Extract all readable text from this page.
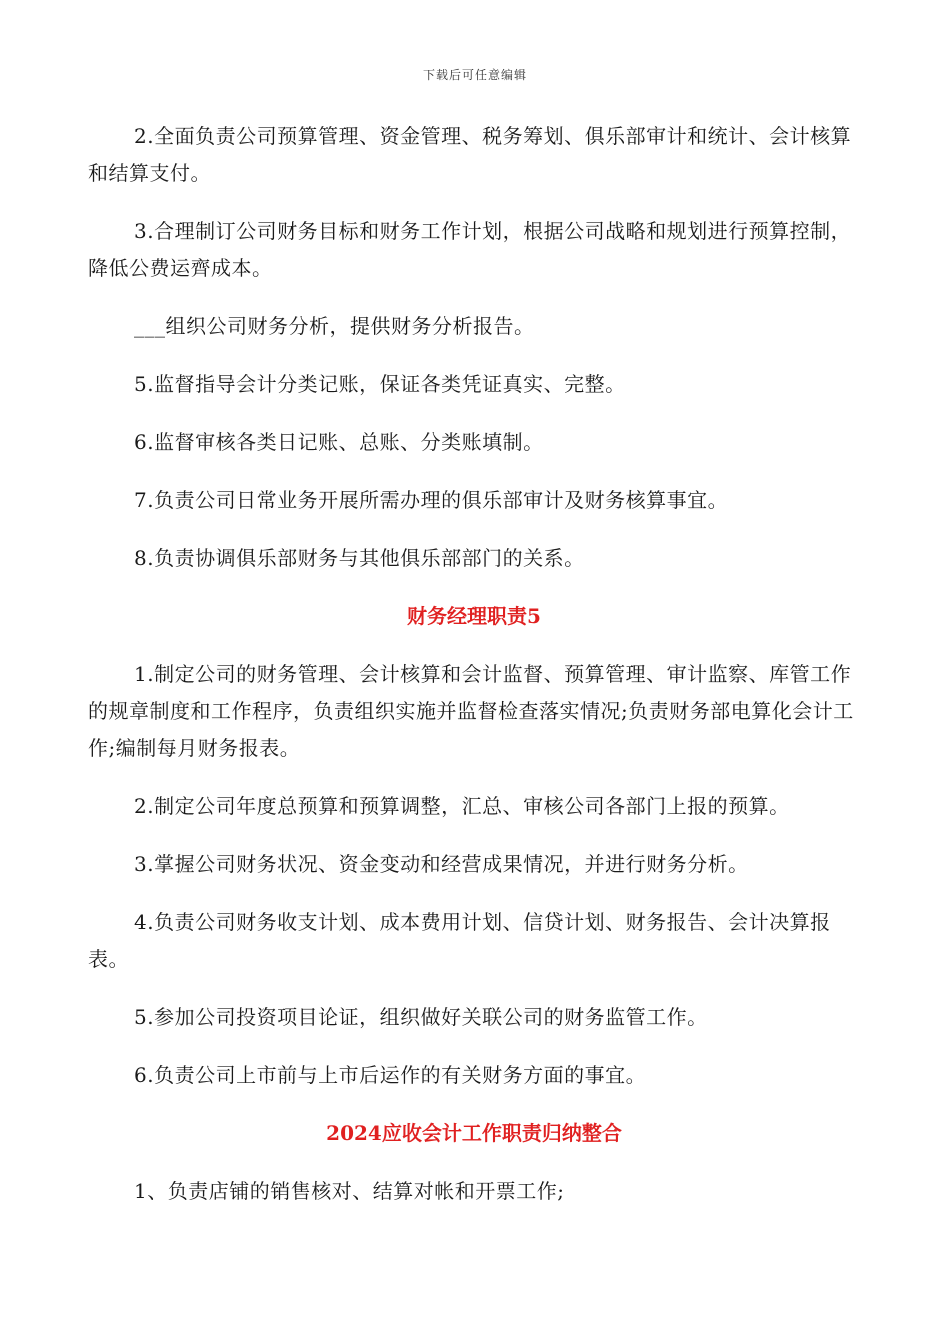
下载后可任意编辑

2.全面负责公司预算管理、资金管理、税务筹划、俱乐部审计和统计、会计核算和结算支付。

3.合理制订公司财务目标和财务工作计划，根据公司战略和规划进行预算控制，降低公费运齊成本。

___组织公司财务分析，提供财务分析报告。

5.监督指导会计分类记账，保证各类凭证真实、完整。

6.监督审核各类日记账、总账、分类账填制。

7.负责公司日常业务开展所需办理的俱乐部审计及财务核算事宜。

8.负责协调俱乐部财务与其他俱乐部部门的关系。

财务经理职责5

1.制定公司的财务管理、会计核算和会计监督、预算管理、审计监察、库管工作的规章制度和工作程序，负责组织实施并监督检查落实情况;负责财务部电算化会计工作;编制每月财务报表。

2.制定公司年度总预算和预算调整，汇总、审核公司各部门上报的预算。

3.掌握公司财务状况、资金变动和经营成果情况，并进行财务分析。

4.负责公司财务收支计划、成本费用计划、信贷计划、财务报告、会计决算报表。

5.参加公司投资项目论证，组织做好关联公司的财务监管工作。

6.负责公司上市前与上市后运作的有关财务方面的事宜。

2024应收会计工作职责归纳整合

1、负责店铺的销售核对、结算对帐和开票工作;
